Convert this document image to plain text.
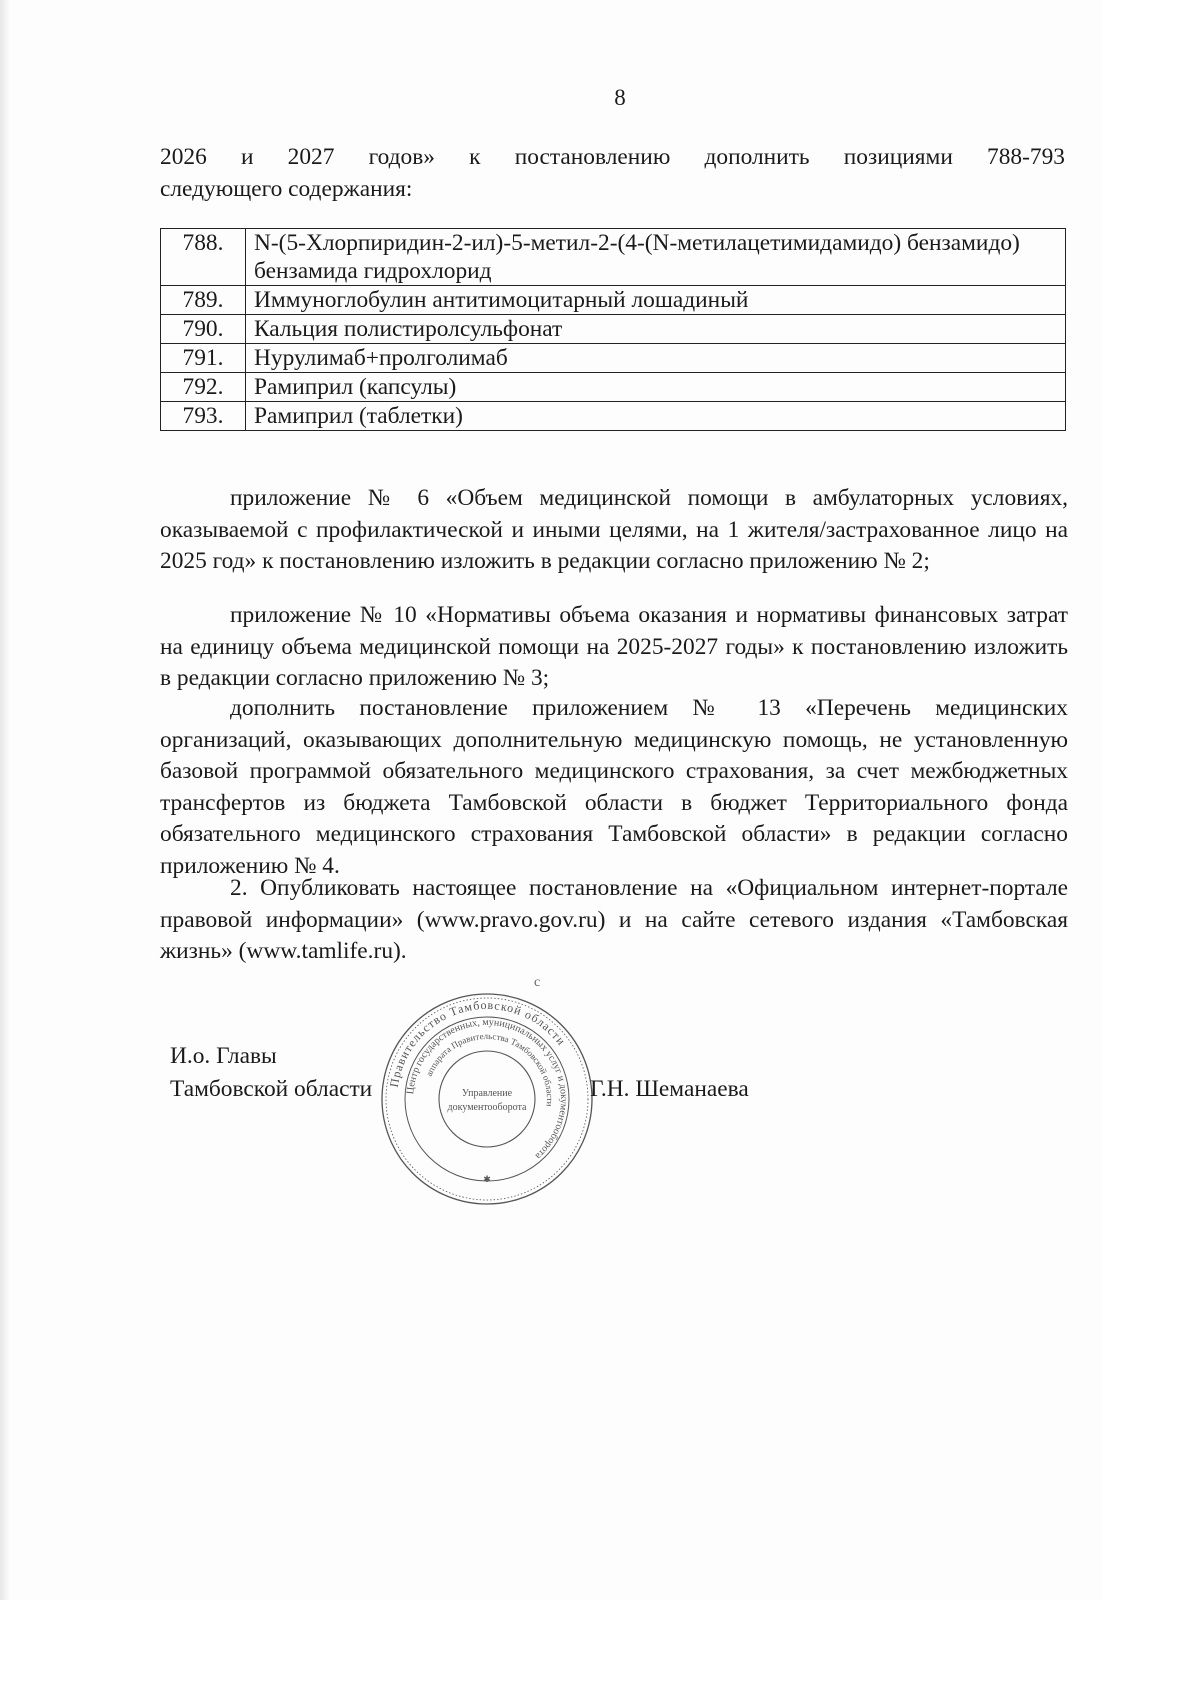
8
2026 и 2027 годов» к постановлению дополнить позициями 788-793
следующего содержания:
788.	N-(5-Хлорпиридин-2-ил)-5-метил-2-(4-(N-метилацетимидамидо) бензамидо) бензамида гидрохлорид
789.	Иммуноглобулин антитимоцитарный лошадиный
790.	Кальция полистиролсульфонат
791.	Нурулимаб+пролголимаб
792.	Рамиприл (капсулы)
793.	Рамиприл (таблетки)
приложение № 6 «Объем медицинской помощи в амбулаторных условиях, оказываемой с профилактической и иными целями, на 1 жителя/застрахованное лицо на 2025 год» к постановлению изложить в редакции согласно приложению № 2;
приложение № 10 «Нормативы объема оказания и нормативы финансовых затрат на единицу объема медицинской помощи на 2025-2027 годы» к постановлению изложить в редакции согласно приложению № 3;
дополнить постановление приложением № 13 «Перечень медицинских организаций, оказывающих дополнительную медицинскую помощь, не установленную базовой программой обязательного медицинского страхования, за счет межбюджетных трансфертов из бюджета Тамбовской области в бюджет Территориального фонда обязательного медицинского страхования Тамбовской области» в редакции согласно приложению № 4.
2. Опубликовать настоящее постановление на «Официальном интернет-портале правовой информации» (www.pravo.gov.ru) и на сайте сетевого издания «Тамбовская жизнь» (www.tamlife.ru).
c
И.о. Главы
Тамбовской области Правительство Тамбовской области
Центр государственных, муниципальных услуг и документооборота
аппарата Правительства Тамбовской области
Управление
документооборота
✱
Г.Н. Шеманаева
